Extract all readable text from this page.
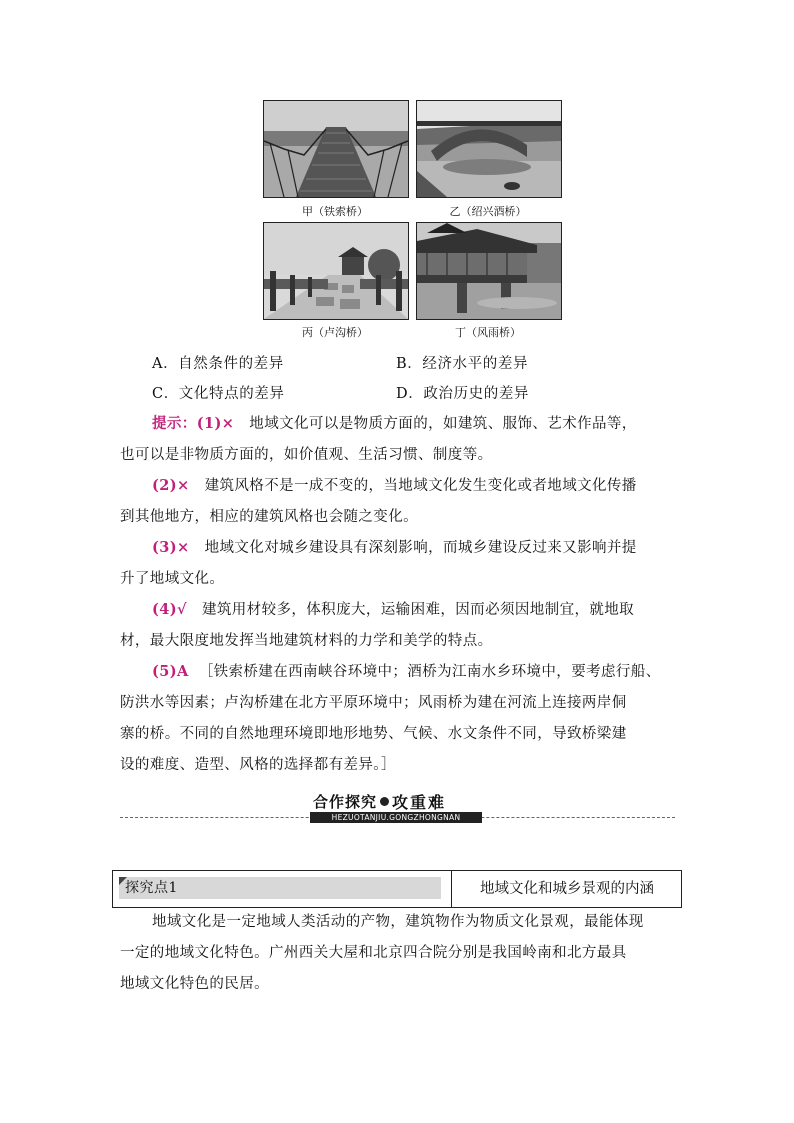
甲（铁索桥）	乙（绍兴酒桥）
丙（卢沟桥）	丁（风雨桥）
A．自然条件的差异	B．经济水平的差异
C．文化特点的差异	D．政治历史的差异
提示：(1)× 地域文化可以是物质方面的，如建筑、服饰、艺术作品等，
也可以是非物质方面的，如价值观、生活习惯、制度等。
(2)× 建筑风格不是一成不变的，当地域文化发生变化或者地域文化传播
到其他地方，相应的建筑风格也会随之变化。
(3)× 地域文化对城乡建设具有深刻影响，而城乡建设反过来又影响并提
升了地域文化。
(4)√ 建筑用材较多，体积庞大，运输困难，因而必须因地制宜，就地取
材，最大限度地发挥当地建筑材料的力学和美学的特点。
(5)A ［铁索桥建在西南峡谷环境中；酒桥为江南水乡环境中，要考虑行船、
防洪水等因素；卢沟桥建在北方平原环境中；风雨桥为建在河流上连接两岸侗
寨的桥。不同的自然地理环境即地形地势、气候、水文条件不同，导致桥梁建
设的难度、造型、风格的选择都有差异。］
合作探究 攻重难
HEZUOTANJIU.GONGZHONGNAN
探究点1	地域文化和城乡景观的内涵
地域文化是一定地域人类活动的产物，建筑物作为物质文化景观，最能体现
一定的地域文化特色。广州西关大屋和北京四合院分别是我国岭南和北方最具
地域文化特色的民居。
